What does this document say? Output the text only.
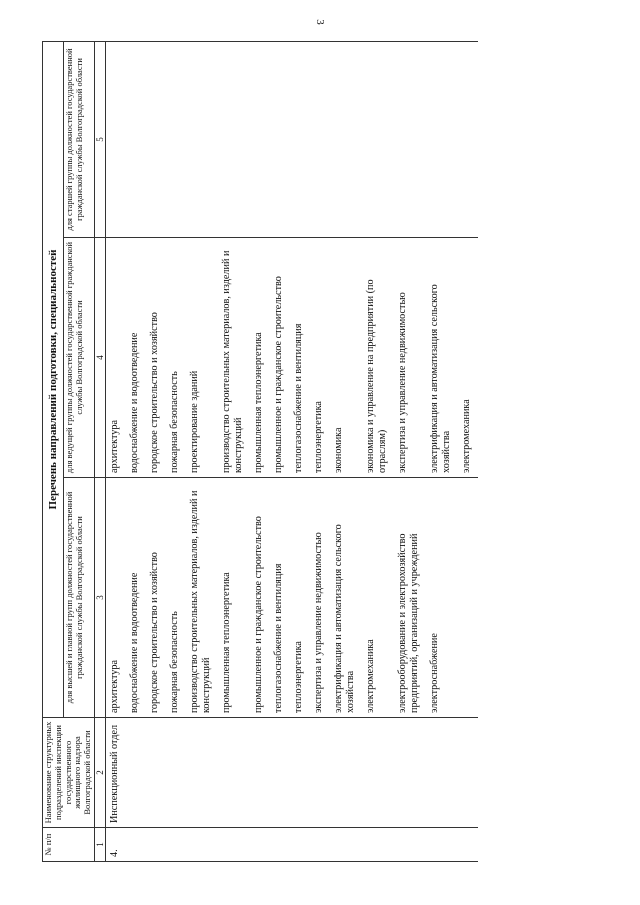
3
№ п/п	Наименование структурных подразделений инспекции государственного жилищного надзора Волгоградской области	Перечень направлений подготовки, специальностей		
		для высшей и главной групп должностей государственной гражданской службы Волгоградской области	для ведущей группы должностей государственной гражданской службы Волгоградской области	для старшей группы должностей государственной гражданской службы Волгоградской области
1	2	3	4	5
4.	Инспекционный отдел	архитектура	архитектура	

		водоснабжение и водоотведение	водоснабжение и водоотведение	

		городское строительство и хозяйство	городское строительство и хозяйство	

		пожарная безопасность	пожарная безопасность	

		производство строительных материалов, изделий и конструкций	проектирование зданий	

		промышленная теплоэнергетика	производство строительных материалов, изделий и конструкций	

		промышленное и гражданское строительство	промышленная теплоэнергетика	

		теплогазоснабжение и вентиляция	промышленное и гражданское строительство	

		теплоэнергетика	теплогазоснабжение и вентиляция	

		экспертиза и управление недвижимостью	теплоэнергетика	

		электрификация и автоматизация сельского хозяйства	экономика	

		электромеханика	экономика и управление на предприятии (по отраслям)	

		электрооборудование и электрохозяйство предприятий, организаций и учреждений	экспертиза и управление недвижимостью	

		электроснабжение	электрификация и автоматизация сельского хозяйства	

			электромеханика	
